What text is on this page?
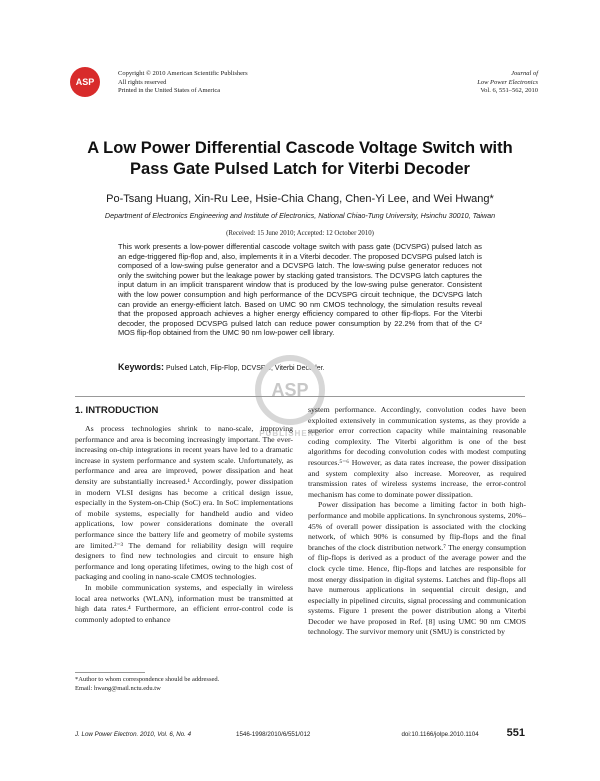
ASP
Copyright © 2010 American Scientific Publishers
All rights reserved
Printed in the United States of America
Journal of
Low Power Electronics
Vol. 6, 551–562, 2010
A Low Power Differential Cascode Voltage Switch with
Pass Gate Pulsed Latch for Viterbi Decoder
Po-Tsang Huang, Xin-Ru Lee, Hsie-Chia Chang, Chen-Yi Lee, and Wei Hwang*
Department of Electronics Engineering and Institute of Electronics, National Chiao-Tung University, Hsinchu 30010, Taiwan
(Received: 15 June 2010; Accepted: 12 October 2010)
This work presents a low-power differential cascode voltage switch with pass gate (DCVSPG) pulsed latch as an edge-triggered flip-flop and, also, implements it in a Viterbi decoder. The proposed DCVSPG pulsed latch is composed of a low-swing pulse generator and a DCVSPG latch. The low-swing pulse generator reduces not only the switching power but the leakage power by stacking gated transistors. The DCVSPG latch captures the input datum in an implicit transparent window that is produced by the low-swing pulse generator. Consistent with the low power consumption and high performance of the DCVSPG circuit technique, the DCVSPG latch can provide an energy-efficient latch. Based on UMC 90 nm CMOS technology, the simulation results reveal that the proposed approach achieves a higher energy efficiency compared to other flip-flops. For the Viterbi decoder, the proposed DCVSPG pulsed latch can reduce power consumption by 22.2% from that of the C² MOS flip-flop obtained from the UMC 90 nm low-power cell library.
Keywords: Pulsed Latch, Flip-Flop, DCVSPG, Viterbi Decoder.
ASP
PUBLISHERS
1. INTRODUCTION

As process technologies shrink to nano-scale, improving performance and area is becoming increasingly important. The ever-increasing on-chip integrations in recent years have led to a dramatic increase in system performance and system scale. Unfortunately, as performance and area are improved, power dissipation and heat density are substantially increased.¹ Accordingly, power dissipation in modern VLSI designs has become a critical design issue, especially in the System-on-Chip (SoC) era. In SoC implementations of mobile systems, especially for handheld audio and video applications, low power considerations dominate the overall performance since the battery life and geometry of mobile systems are limited.²⁻³ The demand for reliability design will require designers to find new technologies and circuit to ensure high performance and long operating lifetimes, owing to the high cost of packaging and cooling in nano-scale CMOS technologies.

In mobile communication systems, and especially in wireless local area networks (WLAN), information must be transmitted at high data rates.⁴ Furthermore, an efficient error-control code is commonly adopted to enhance

system performance. Accordingly, convolution codes have been exploited extensively in communication systems, as they provide a superior error correction capacity while maintaining reasonable coding complexity. The Viterbi algorithm is one of the best algorithms for decoding convolution codes with modest computing resources.⁵⁻⁶ However, as data rates increase, the power dissipation and system complexity also increase. Moreover, as required transmission rates of wireless systems increase, the error-control mechanism has come to dominate power dissipation.

Power dissipation has become a limiting factor in both high-performance and mobile applications. In synchronous systems, 20%–45% of overall power dissipation is associated with the clocking network, of which 90% is consumed by flip-flops and the final branches of the clock distribution network.⁷ The energy consumption of flip-flops is derived as a product of the average power and the clock cycle time. Hence, flip-flops and latches are responsible for most energy dissipation in digital systems. Latches and flip-flops all have numerous applications in sequential circuit design, and especially in pipelined circuits, signal processing and communication systems. Figure 1 present the power distribution along a Viterbi Decoder we have proposed in Ref. [8] using UMC 90 nm CMOS technology. The survivor memory unit (SMU) is constricted by

*Author to whom correspondence should be addressed.
Email: hwang@mail.nctu.edu.tw
J. Low Power Electron. 2010, Vol. 6, No. 4	1546-1998/2010/6/551/012	doi:10.1166/jolpe.2010.1104	551
